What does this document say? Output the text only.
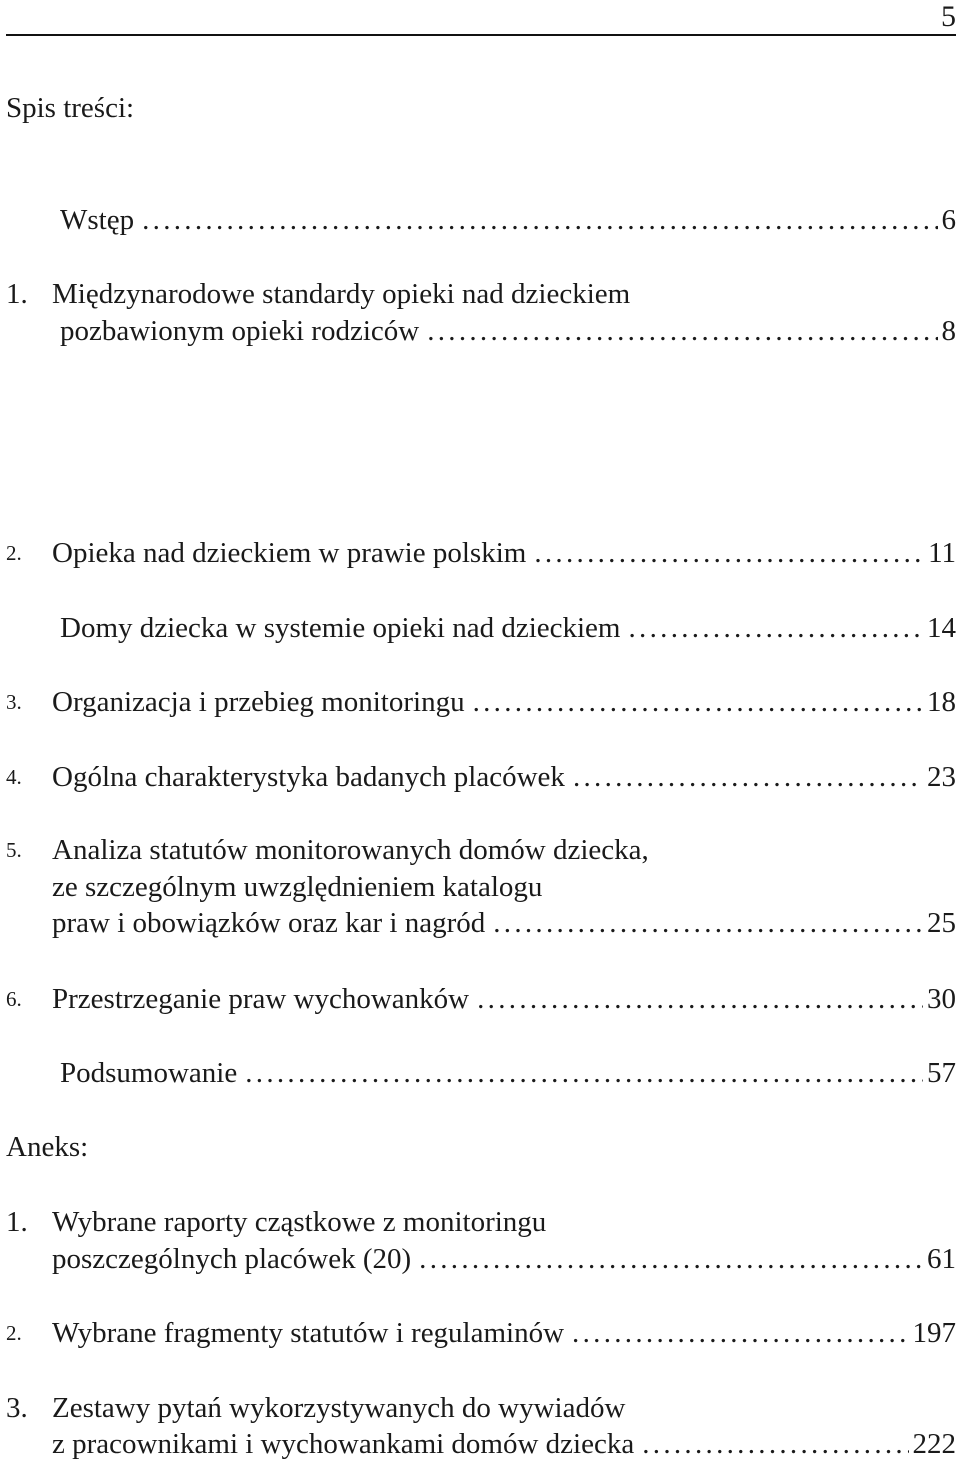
5
Spis treści:
Wstęp .....	6
1. Międzynarodowe standardy opieki nad dzieckiem
pozbawionym opieki rodziców .....	8
2. Opieka nad dzieckiem w prawie polskim .....	11
Domy dziecka w systemie opieki nad dzieckiem .....	14
3. Organizacja i przebieg monitoringu .....	18
4. Ogólna charakterystyka badanych placówek .....	23
5. Analiza statutów monitorowanych domów dziecka,
ze szczególnym uwzględnieniem katalogu
praw i obowiązków oraz kar i nagród .....	25
6. Przestrzeganie praw wychowanków .....	30
Podsumowanie .....	57
Aneks:
1. Wybrane raporty cząstkowe z monitoringu
poszczególnych placówek (20) .....	61
2. Wybrane fragmenty statutów i regulaminów .....	197
3. Zestawy pytań wykorzystywanych do wywiadów
z pracownikami i wychowankami domów dziecka .....	222
